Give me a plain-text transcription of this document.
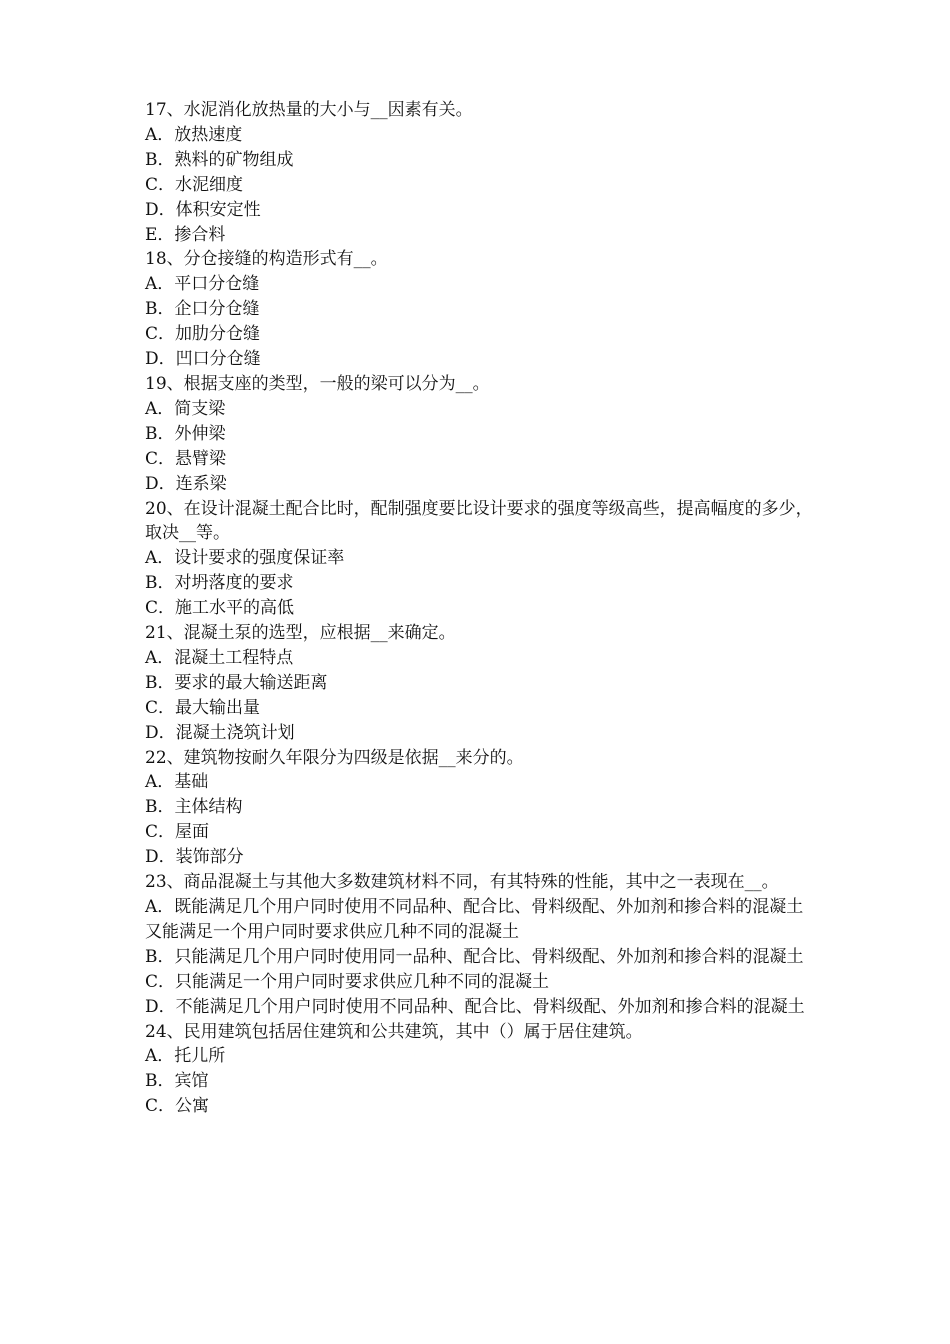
17、水泥消化放热量的大小与__因素有关。

A．放热速度

B．熟料的矿物组成

C．水泥细度

D．体积安定性

E．掺合料

18、分仓接缝的构造形式有__。

A．平口分仓缝

B．企口分仓缝

C．加肋分仓缝

D．凹口分仓缝

19、根据支座的类型，一般的梁可以分为__。

A．简支梁

B．外伸梁

C．悬臂梁

D．连系梁

20、在设计混凝土配合比时，配制强度要比设计要求的强度等级高些，提高幅度的多少，取决__等。

A．设计要求的强度保证率

B．对坍落度的要求

C．施工水平的高低

21、混凝土泵的选型，应根据__来确定。

A．混凝土工程特点

B．要求的最大输送距离

C．最大输出量

D．混凝土浇筑计划

22、建筑物按耐久年限分为四级是依据__来分的。

A．基础

B．主体结构

C．屋面

D．装饰部分

23、商品混凝土与其他大多数建筑材料不同，有其特殊的性能，其中之一表现在__。

A．既能满足几个用户同时使用不同品种、配合比、骨料级配、外加剂和掺合料的混凝土又能满足一个用户同时要求供应几种不同的混凝土

B．只能满足几个用户同时使用同一品种、配合比、骨料级配、外加剂和掺合料的混凝土

C．只能满足一个用户同时要求供应几种不同的混凝土

D．不能满足几个用户同时使用不同品种、配合比、骨料级配、外加剂和掺合料的混凝土

24、民用建筑包括居住建筑和公共建筑，其中（）属于居住建筑。

A．托儿所

B．宾馆

C．公寓
